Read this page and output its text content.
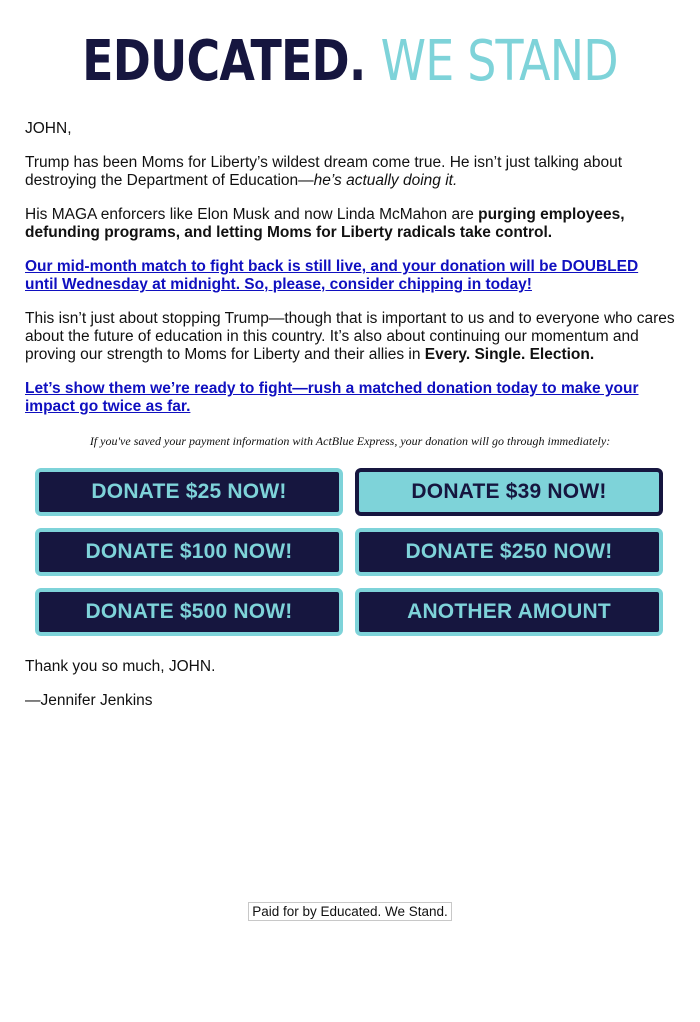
EDUCATED. WE STAND

JOHN,

Trump has been Moms for Liberty’s wildest dream come true. He isn’t just talking about destroying the Department of Education—he’s actually doing it.

His MAGA enforcers like Elon Musk and now Linda McMahon are purging employees, defunding programs, and letting Moms for Liberty radicals take control.

Our mid-month match to fight back is still live, and your donation will be DOUBLED until Wednesday at midnight. So, please, consider chipping in today!

This isn’t just about stopping Trump—though that is important to us and to everyone who cares about the future of education in this country. It’s also about continuing our momentum and proving our strength to Moms for Liberty and their allies in Every. Single. Election.

Let’s show them we’re ready to fight—rush a matched donation today to make your impact go twice as far.

If you've saved your payment information with ActBlue Express, your donation will go through immediately:
DONATE $25 NOW!	DONATE $39 NOW!
DONATE $100 NOW!	DONATE $250 NOW!
DONATE $500 NOW!	ANOTHER AMOUNT

Thank you so much, JOHN.

—Jennifer Jenkins

Paid for by Educated. We Stand.
